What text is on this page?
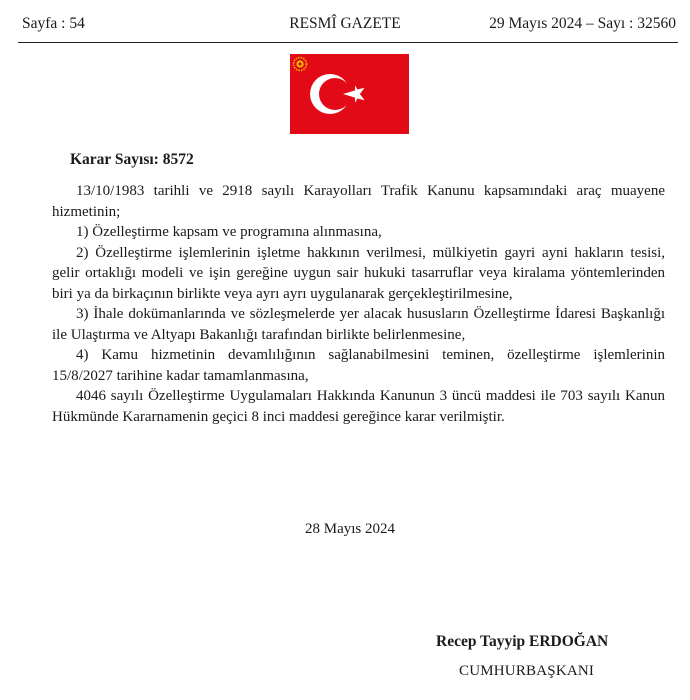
Sayfa : 54	RESMÎ GAZETE	29 Mayıs 2024 – Sayı : 32560
Karar Sayısı: 8572

13/10/1983 tarihli ve 2918 sayılı Karayolları Trafik Kanunu kapsamındaki araç muayene hizmetinin;

1) Özelleştirme kapsam ve programına alınmasına,

2) Özelleştirme işlemlerinin işletme hakkının verilmesi, mülkiyetin gayri ayni hakların tesisi, gelir ortaklığı modeli ve işin gereğine uygun sair hukuki tasarruflar veya kiralama yöntemlerinden biri ya da birkaçının birlikte veya ayrı ayrı uygulanarak gerçekleştirilmesine,

3) İhale dokümanlarında ve sözleşmelerde yer alacak hususların Özelleştirme İdaresi Başkanlığı ile Ulaştırma ve Altyapı Bakanlığı tarafından birlikte belirlenmesine,

4) Kamu hizmetinin devamlılığının sağlanabilmesini teminen, özelleştirme işlemlerinin 15/8/2027 tarihine kadar tamamlanmasına,

4046 sayılı Özelleştirme Uygulamaları Hakkında Kanunun 3 üncü maddesi ile 703 sayılı Kanun Hükmünde Kararnamenin geçici 8 inci maddesi gereğince karar verilmiştir.

28 Mayıs 2024
Recep Tayyip ERDOĞAN
CUMHURBAŞKANI
